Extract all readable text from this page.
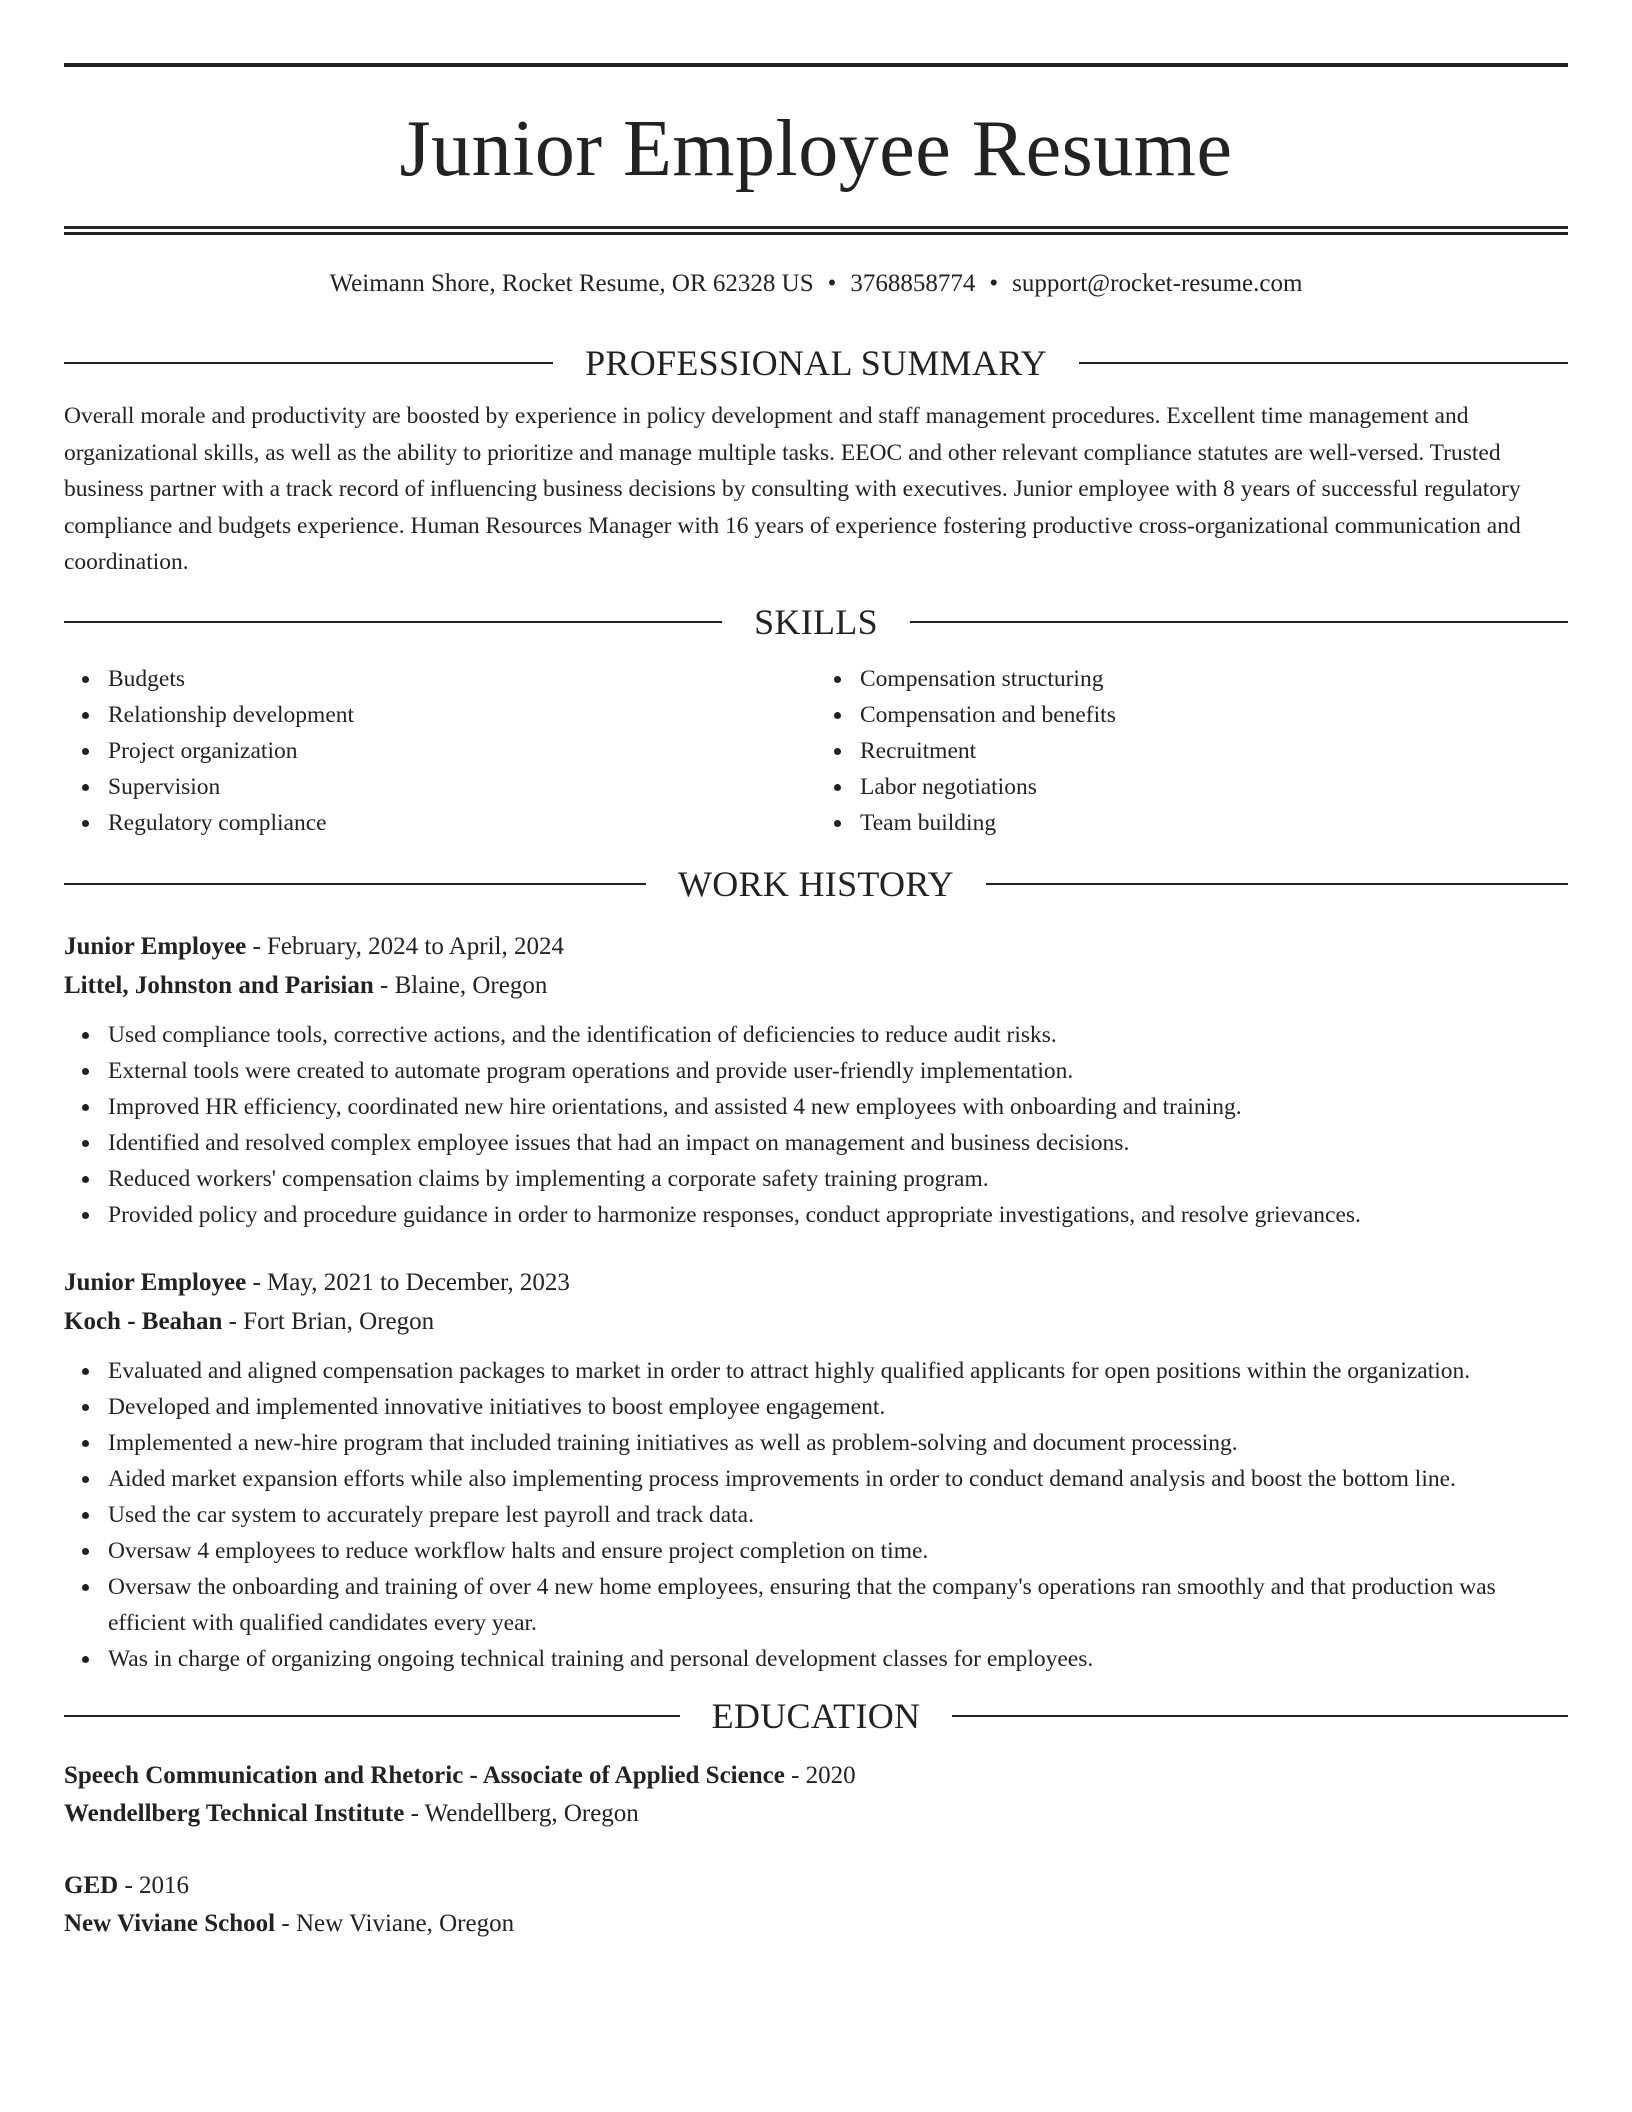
Junior Employee Resume
Weimann Shore, Rocket Resume, OR 62328 US • 3768858774 • support@rocket-resume.com
PROFESSIONAL SUMMARY
Overall morale and productivity are boosted by experience in policy development and staff management procedures. Excellent time management and organizational skills, as well as the ability to prioritize and manage multiple tasks. EEOC and other relevant compliance statutes are well-versed. Trusted business partner with a track record of influencing business decisions by consulting with executives. Junior employee with 8 years of successful regulatory compliance and budgets experience. Human Resources Manager with 16 years of experience fostering productive cross-organizational communication and coordination.
SKILLS
Budgets
Relationship development
Project organization
Supervision
Regulatory compliance
Compensation structuring
Compensation and benefits
Recruitment
Labor negotiations
Team building
WORK HISTORY
Junior Employee - February, 2024 to April, 2024
Littel, Johnston and Parisian - Blaine, Oregon
Used compliance tools, corrective actions, and the identification of deficiencies to reduce audit risks.
External tools were created to automate program operations and provide user-friendly implementation.
Improved HR efficiency, coordinated new hire orientations, and assisted 4 new employees with onboarding and training.
Identified and resolved complex employee issues that had an impact on management and business decisions.
Reduced workers' compensation claims by implementing a corporate safety training program.
Provided policy and procedure guidance in order to harmonize responses, conduct appropriate investigations, and resolve grievances.
Junior Employee - May, 2021 to December, 2023
Koch - Beahan - Fort Brian, Oregon
Evaluated and aligned compensation packages to market in order to attract highly qualified applicants for open positions within the organization.
Developed and implemented innovative initiatives to boost employee engagement.
Implemented a new-hire program that included training initiatives as well as problem-solving and document processing.
Aided market expansion efforts while also implementing process improvements in order to conduct demand analysis and boost the bottom line.
Used the car system to accurately prepare lest payroll and track data.
Oversaw 4 employees to reduce workflow halts and ensure project completion on time.
Oversaw the onboarding and training of over 4 new home employees, ensuring that the company's operations ran smoothly and that production was efficient with qualified candidates every year.
Was in charge of organizing ongoing technical training and personal development classes for employees.
EDUCATION
Speech Communication and Rhetoric - Associate of Applied Science - 2020
Wendellberg Technical Institute - Wendellberg, Oregon
GED - 2016
New Viviane School - New Viviane, Oregon
